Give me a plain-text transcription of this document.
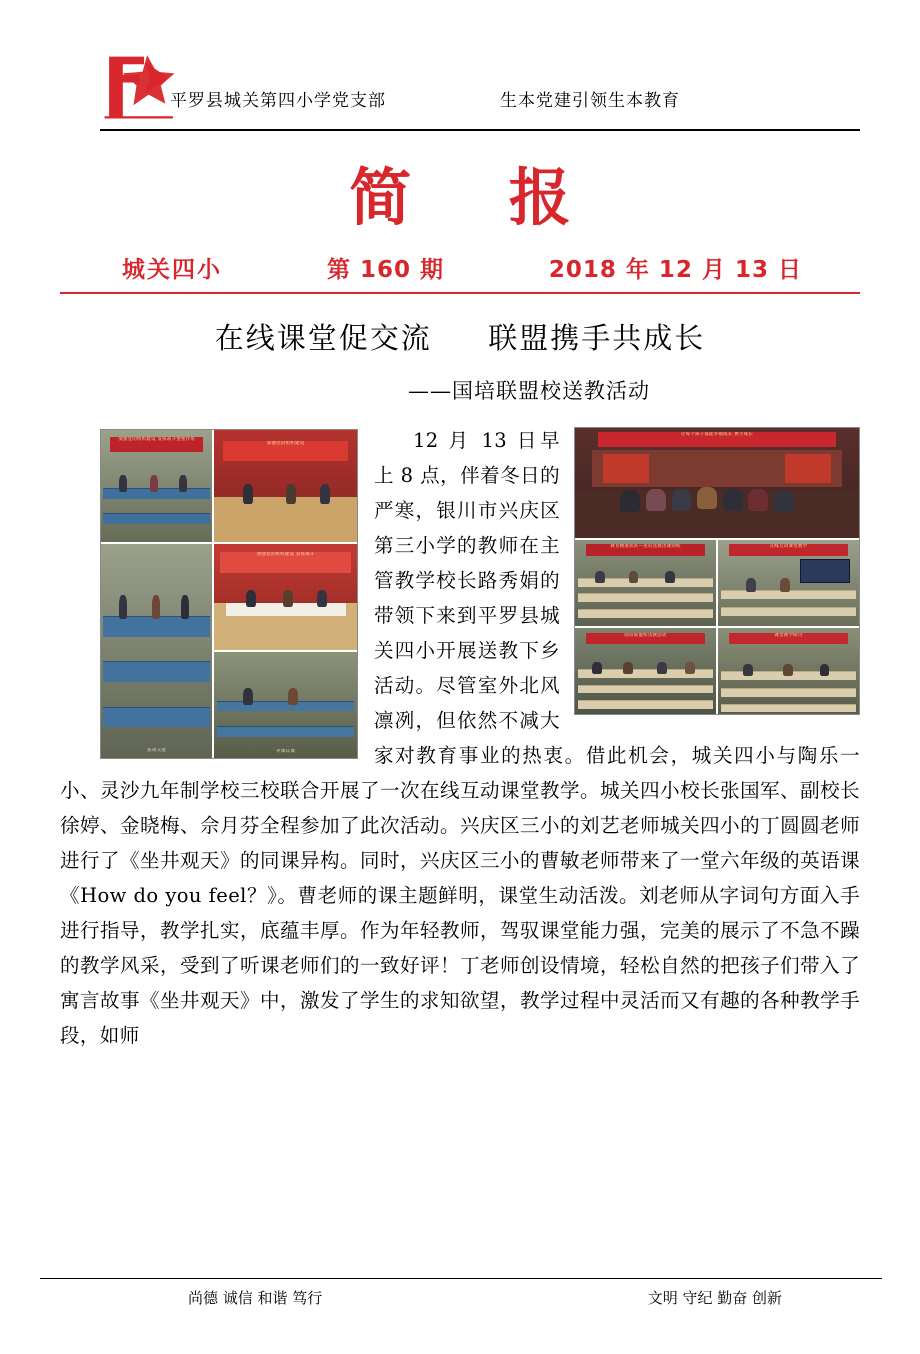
平罗县城关第四小学党支部	生本党建引领生本教育
简 报
城关四小	第 160 期	2018 年 12 月 13 日
在线课堂促交流 联盟携手共成长
——国培联盟校送教活动
让每个孩子都能幸福成长 携手成长
教育精准扶贫—送培送教送课到校	在线互动课堂教学
国培联盟校送教活动	课堂教学研讨
加强党的组织建设 发挥战斗堡垒作用
加强党的组织建设
座谈交流
加强党的组织建设 发挥战斗
评课议课

12 月 13 日早上 8 点，伴着冬日的严寒，银川市兴庆区第三小学的教师在主管教学校长路秀娟的带领下来到平罗县城关四小开展送教下乡活动。尽管室外北风凛冽，但依然不减大家对教育事业的热衷。借此机会，城关四小与陶乐一小、灵沙九年制学校三校联合开展了一次在线互动课堂教学。城关四小校长张国军、副校长徐婷、金晓梅、佘月芬全程参加了此次活动。兴庆区三小的刘艺老师城关四小的丁圆圆老师进行了《坐井观天》的同课异构。同时，兴庆区三小的曹敏老师带来了一堂六年级的英语课《How do you feel？》。曹老师的课主题鲜明，课堂生动活泼。刘老师从字词句方面入手进行指导，教学扎实，底蕴丰厚。作为年轻教师，驾驭课堂能力强，完美的展示了不急不躁的教学风采，受到了听课老师们的一致好评！丁老师创设情境，轻松自然的把孩子们带入了寓言故事《坐井观天》中，激发了学生的求知欲望，教学过程中灵活而又有趣的各种教学手段，如师

尚德 诚信 和谐 笃行	文明 守纪 勤奋 创新
